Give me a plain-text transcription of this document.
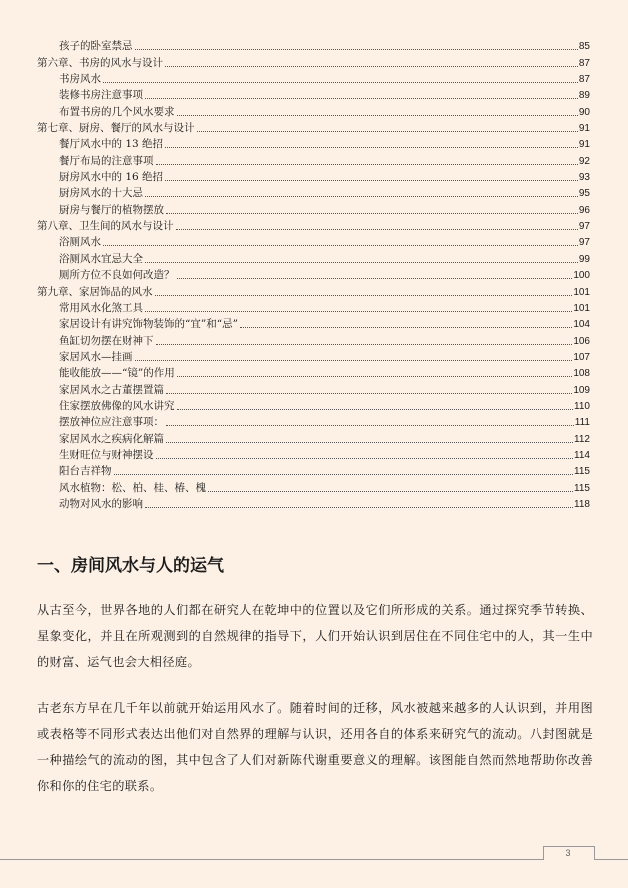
孩子的卧室禁忌	85
第六章、书房的风水与设计	87
书房风水	87
装修书房注意事项	89
布置书房的几个风水要求	90
第七章、厨房、餐厅的风水与设计	91
餐厅风水中的 13 绝招	91
餐厅布局的注意事项	92
厨房风水中的 16 绝招	93
厨房风水的十大忌	95
厨房与餐厅的植物摆放	96
第八章、卫生间的风水与设计	97
浴厕风水	97
浴厕风水宜忌大全	99
厕所方位不良如何改造？	100
第九章、家居饰品的风水	101
常用风水化煞工具	101
家居设计有讲究饰物装饰的“宜”和“忌”	104
鱼缸切勿摆在财神下	106
家居风水—挂画	107
能收能放——“镜”的作用	108
家居风水之古董摆置篇	109
住家摆放佛像的风水讲究	110
摆放神位应注意事项：	111
家居风水之疾病化解篇	112
生财旺位与财神摆设	114
阳台吉祥物	115
风水植物：松、柏、桂、椿、槐	115
动物对风水的影响	118
一、房间风水与人的运气

从古至今，世界各地的人们都在研究人在乾坤中的位置以及它们所形成的关系。通过探究季节转换、星象变化，并且在所观测到的自然规律的指导下，人们开始认识到居住在不同住宅中的人，其一生中的财富、运气也会大相径庭。

古老东方早在几千年以前就开始运用风水了。随着时间的迁移，风水被越来越多的人认识到，并用图或表格等不同形式表达出他们对自然界的理解与认识，还用各自的体系来研究气的流动。八封图就是一种描绘气的流动的图，其中包含了人们对新陈代谢重要意义的理解。该图能自然而然地帮助你改善你和你的住宅的联系。

3
